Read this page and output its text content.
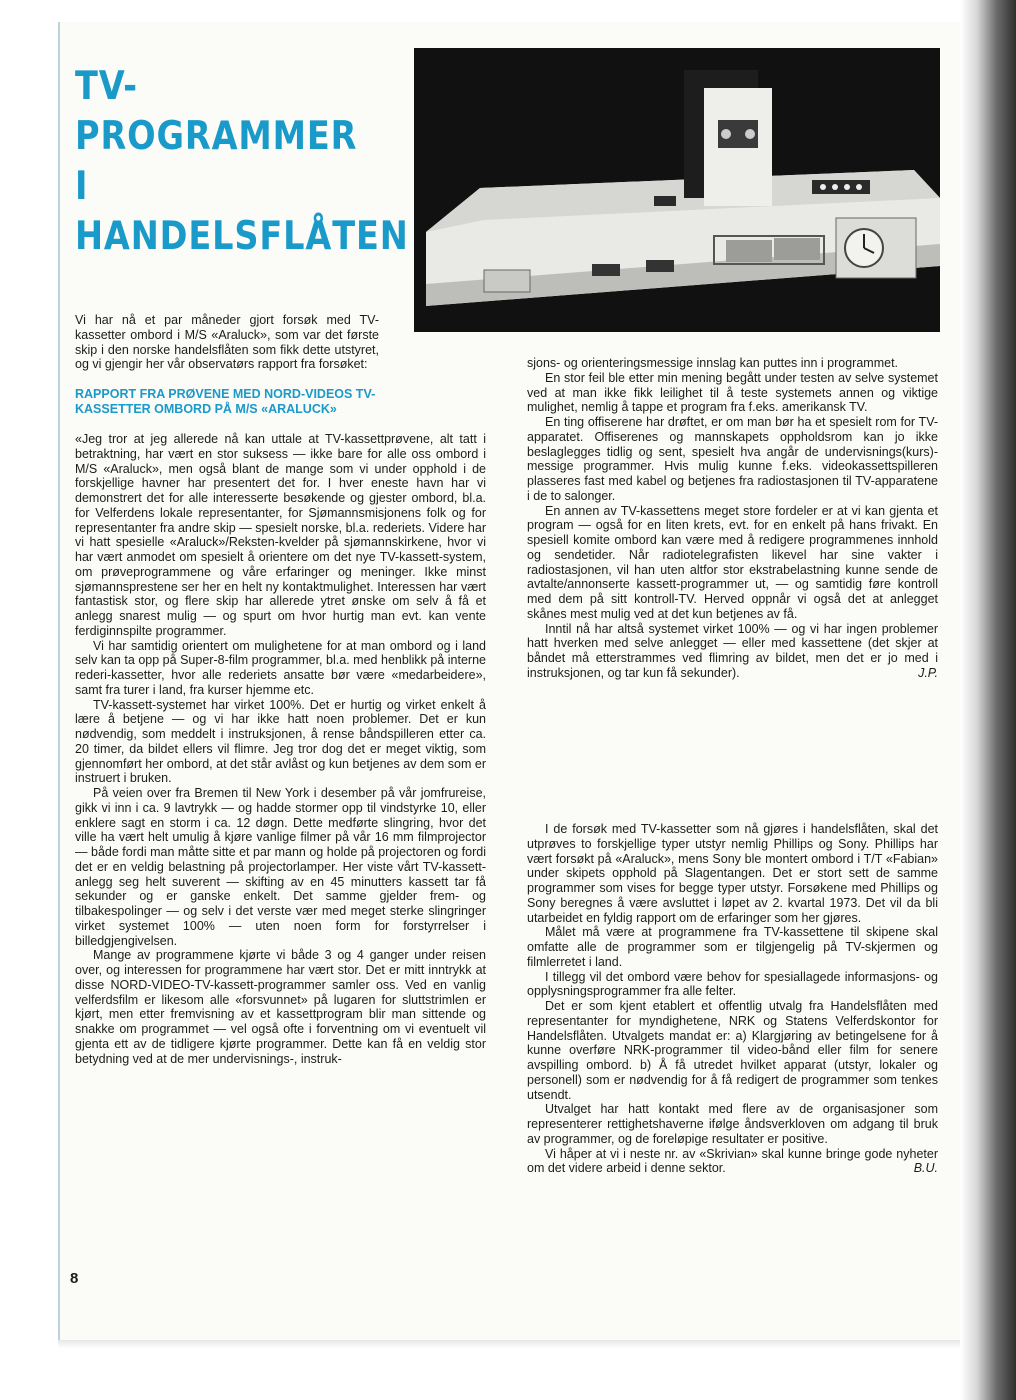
TV-
PROGRAMMER
I HANDELSFLÅTEN

Vi har nå et par måneder gjort forsøk med TV-kassetter ombord i M/S «Araluck», som var det første skip i den norske handelsflåten som fikk dette utstyret, og vi gjengir her vår observatørs rapport fra forsøket:

RAPPORT FRA PRØVENE MED NORD-VIDEOS TV-KASSETTER OMBORD PÅ M/S «ARALUCK»

«Jeg tror at jeg allerede nå kan uttale at TV-kassettprøvene, alt tatt i betraktning, har vært en stor suksess — ikke bare for alle oss ombord i M/S «Araluck», men også blant de mange som vi under opphold i de forskjellige havner har presentert det for. I hver eneste havn har vi demonstrert det for alle interesserte besøkende og gjester ombord, bl.a. for Velferdens lokale representanter, for Sjømannsmisjonens folk og for representanter fra andre skip — spesielt norske, bl.a. rederiets. Videre har vi hatt spesielle «Araluck»/Reksten-kvelder på sjømannskirkene, hvor vi har vært anmodet om spesielt å orientere om det nye TV-kassett-system, om prøveprogrammene og våre erfaringer og meninger. Ikke minst sjømannsprestene ser her en helt ny kontaktmulighet. Interessen har vært fantastisk stor, og flere skip har allerede ytret ønske om selv å få et anlegg snarest mulig — og spurt om hvor hurtig man evt. kan vente ferdiginnspilte programmer.

Vi har samtidig orientert om mulighetene for at man ombord og i land selv kan ta opp på Super-8-film programmer, bl.a. med henblikk på interne rederi-kassetter, hvor alle rederiets ansatte bør være «medarbeidere», samt fra turer i land, fra kurser hjemme etc.

TV-kassett-systemet har virket 100%. Det er hurtig og virket enkelt å lære å betjene — og vi har ikke hatt noen problemer. Det er kun nødvendig, som meddelt i instruksjonen, å rense båndspilleren etter ca. 20 timer, da bildet ellers vil flimre. Jeg tror dog det er meget viktig, som gjennomført her ombord, at det står avlåst og kun betjenes av dem som er instruert i bruken.

På veien over fra Bremen til New York i desember på vår jomfrureise, gikk vi inn i ca. 9 lavtrykk — og hadde stormer opp til vindstyrke 10, eller enklere sagt en storm i ca. 12 døgn. Dette medførte slingring, hvor det ville ha vært helt umulig å kjøre vanlige filmer på vår 16 mm filmprojector — både fordi man måtte sitte et par mann og holde på projectoren og fordi det er en veldig belastning på projectorlamper. Her viste vårt TV-kassett-anlegg seg helt suverent — skifting av en 45 minutters kassett tar få sekunder og er ganske enkelt. Det samme gjelder frem- og tilbakespolinger — og selv i det verste vær med meget sterke slingringer virket systemet 100% — uten noen form for forstyrrelser i billedgjengivelsen.

Mange av programmene kjørte vi både 3 og 4 ganger under reisen over, og interessen for programmene har vært stor. Det er mitt inntrykk at disse NORD-VIDEO-TV-kassett-programmer samler oss. Ved en vanlig velferdsfilm er likesom alle «forsvunnet» på lugaren for sluttstrimlen er kjørt, men etter fremvisning av et kassettprogram blir man sittende og snakke om programmet — vel også ofte i forventning om vi eventuelt vil gjenta ett av de tidligere kjørte programmer. Dette kan få en veldig stor betydning ved at de mer undervisnings-, instruk-

sjons- og orienteringsmessige innslag kan puttes inn i programmet.

En stor feil ble etter min mening begått under testen av selve systemet ved at man ikke fikk leilighet til å teste systemets annen og viktige mulighet, nemlig å tappe et program fra f.eks. amerikansk TV.

En ting offiserene har drøftet, er om man bør ha et spesielt rom for TV-apparatet. Offiserenes og mannskapets oppholdsrom kan jo ikke beslaglegges tidlig og sent, spesielt hva angår de undervisnings(kurs)-messige programmer. Hvis mulig kunne f.eks. videokassettspilleren plasseres fast med kabel og betjenes fra radiostasjonen til TV-apparatene i de to salonger.

En annen av TV-kassettens meget store fordeler er at vi kan gjenta et program — også for en liten krets, evt. for en enkelt på hans frivakt. En spesiell komite ombord kan være med å redigere programmenes innhold og sendetider. Når radiotelegrafisten likevel har sine vakter i radiostasjonen, vil han uten altfor stor ekstrabelastning kunne sende de avtalte/annonserte kassett-programmer ut, — og samtidig føre kontroll med dem på sitt kontroll-TV. Herved oppnår vi også det at anlegget skånes mest mulig ved at det kun betjenes av få.

Inntil nå har altså systemet virket 100% — og vi har ingen problemer hatt hverken med selve anlegget — eller med kassettene (det skjer at båndet må etterstrammes ved flimring av bildet, men det er jo med i instruksjonen, og tar kun få sekunder).	J.P.

I de forsøk med TV-kassetter som nå gjøres i handelsflåten, skal det utprøves to forskjellige typer utstyr nemlig Phillips og Sony. Phillips har vært forsøkt på «Araluck», mens Sony ble montert ombord i T/T «Fabian» under skipets opphold på Slagentangen. Det er stort sett de samme programmer som vises for begge typer utstyr. Forsøkene med Phillips og Sony beregnes å være avsluttet i løpet av 2. kvartal 1973. Det vil da bli utarbeidet en fyldig rapport om de erfaringer som her gjøres.

Målet må være at programmene fra TV-kassettene til skipene skal omfatte alle de programmer som er tilgjengelig på TV-skjermen og filmlerretet i land.

I tillegg vil det ombord være behov for spesiallagede informasjons- og opplysningsprogrammer fra alle felter.

Det er som kjent etablert et offentlig utvalg fra Handelsflåten med representanter for myndighetene, NRK og Statens Velferdskontor for Handelsflåten. Utvalgets mandat er: a) Klargjøring av betingelsene for å kunne overføre NRK-programmer til video-bånd eller film for senere avspilling ombord. b) Å få utredet hvilket apparat (utstyr, lokaler og personell) som er nødvendig for å få redigert de programmer som tenkes utsendt.

Utvalget har hatt kontakt med flere av de organisasjoner som representerer rettighetshaverne ifølge åndsverkloven om adgang til bruk av programmer, og de foreløpige resultater er positive.

Vi håper at vi i neste nr. av «Skrivian» skal kunne bringe gode nyheter om det videre arbeid i denne sektor.	B.U.

8
